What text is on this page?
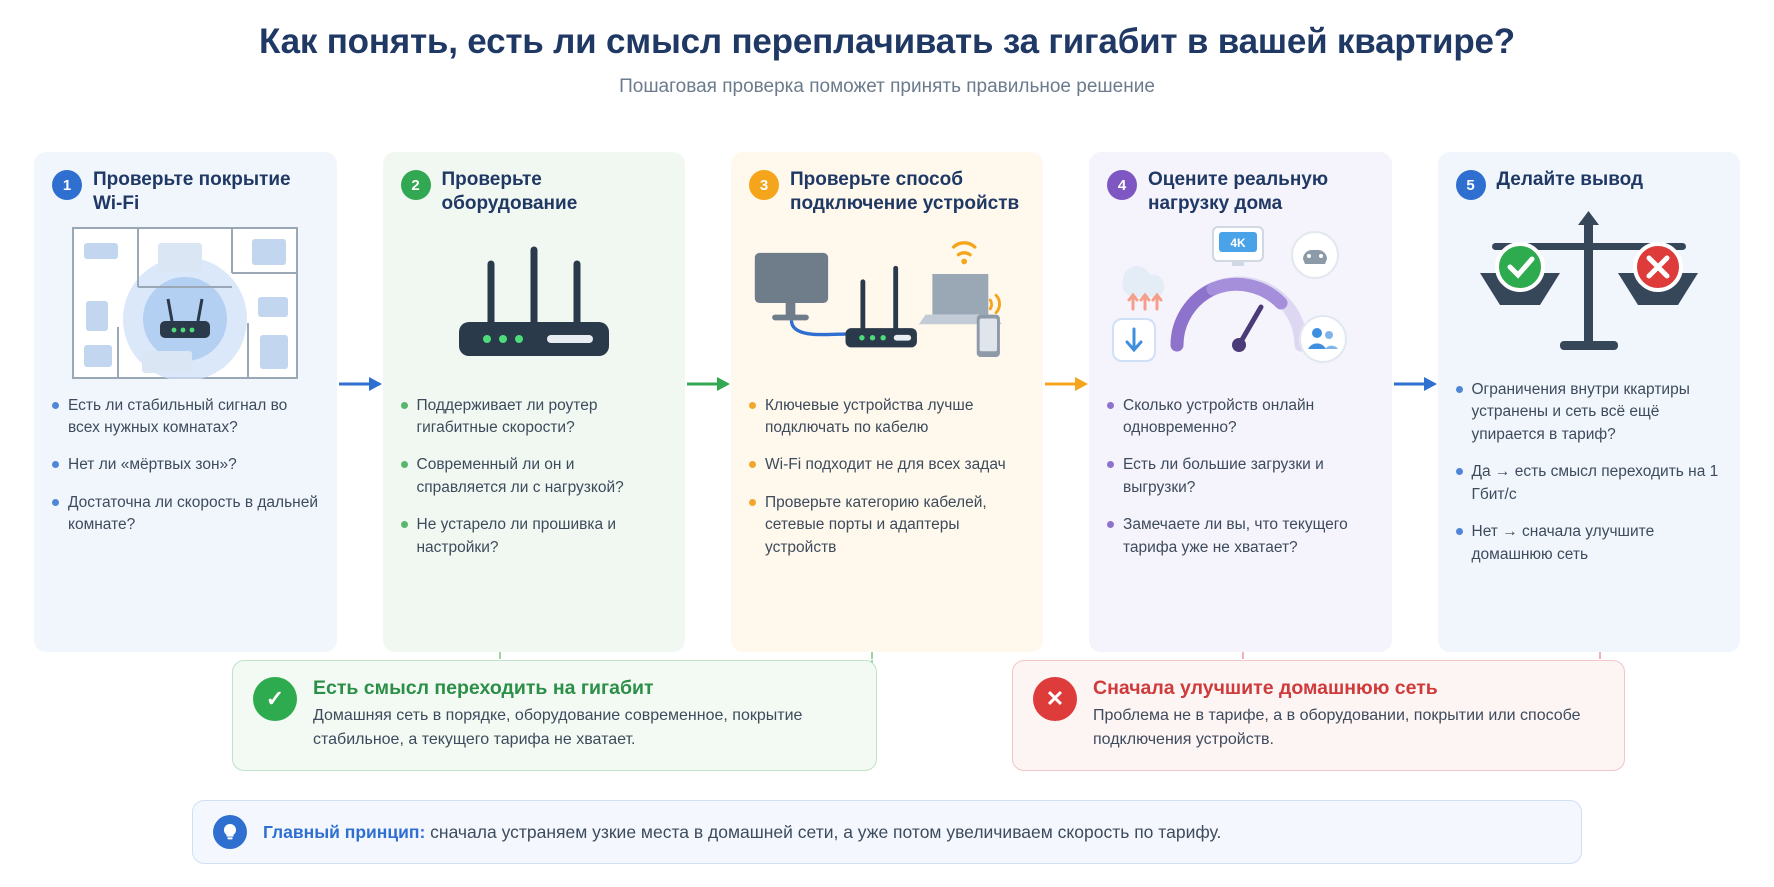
Как понять, есть ли смысл переплачивать за гигабит в вашей квартире?
Пошаговая проверка поможет принять правильное решение
1	Проверьте покрытие Wi-Fi
Есть ли стабильный сигнал во всех нужных комнатах?
Нет ли «мёртвых зон»?
Достаточна ли скорость в дальней комнате?
2	Проверьте оборудование
Поддерживает ли роутер гигабитные скорости?
Современный ли он и справляется ли с нагрузкой?
Не устарело ли прошивка и настройки?
3	Проверьте способ подключение устройств
Ключевые устройства лучше подключать по кабелю
Wi-Fi подходит не для всех задач
Проверьте категорию кабелей, сетевые порты и адаптеры устройств
4	Оцените реальную нагрузку дома
4K
Сколько устройств онлайн одновременно?
Есть ли большие загрузки и выгрузки?
Замечаете ли вы, что текущего тарифа уже не хватает?
5	Делайте вывод
Ограничения внутри ккартиры устранены и сеть всё ещё упирается в тариф?
Да → есть смысл переходить на 1 Гбит/с
Нет → сначала улучшите домашнюю сеть
✓	Есть смысл переходить на гигабит
Домашняя сеть в порядке, оборудование современное, покрытие стабильное, а текущего тарифа не хватает.
✕	Сначала улучшите домашнюю сеть
Проблема не в тарифе, а в оборудовании, покрытии или способе подключения устройств.
Главный принцип: сначала устраняем узкие места в домашней сети, а уже потом увеличиваем скорость по тарифу.
